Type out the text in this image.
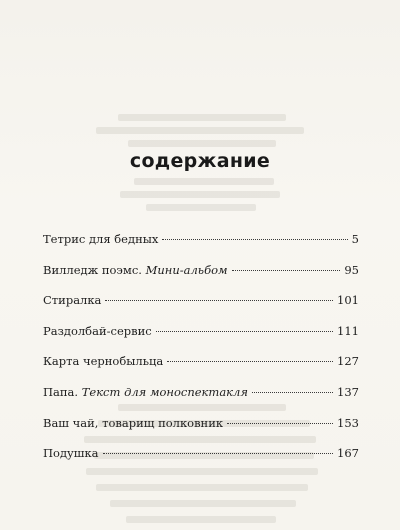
содержание
Тетрис для бедных	5
Вилледж поэмс. Мини-альбом	95
Стиралка	101
Раздолбай-сервис	111
Карта чернобыльца	127
Папа. Текст для моноспектакля	137
Ваш чай, товарищ полковник	153
Подушка	167
